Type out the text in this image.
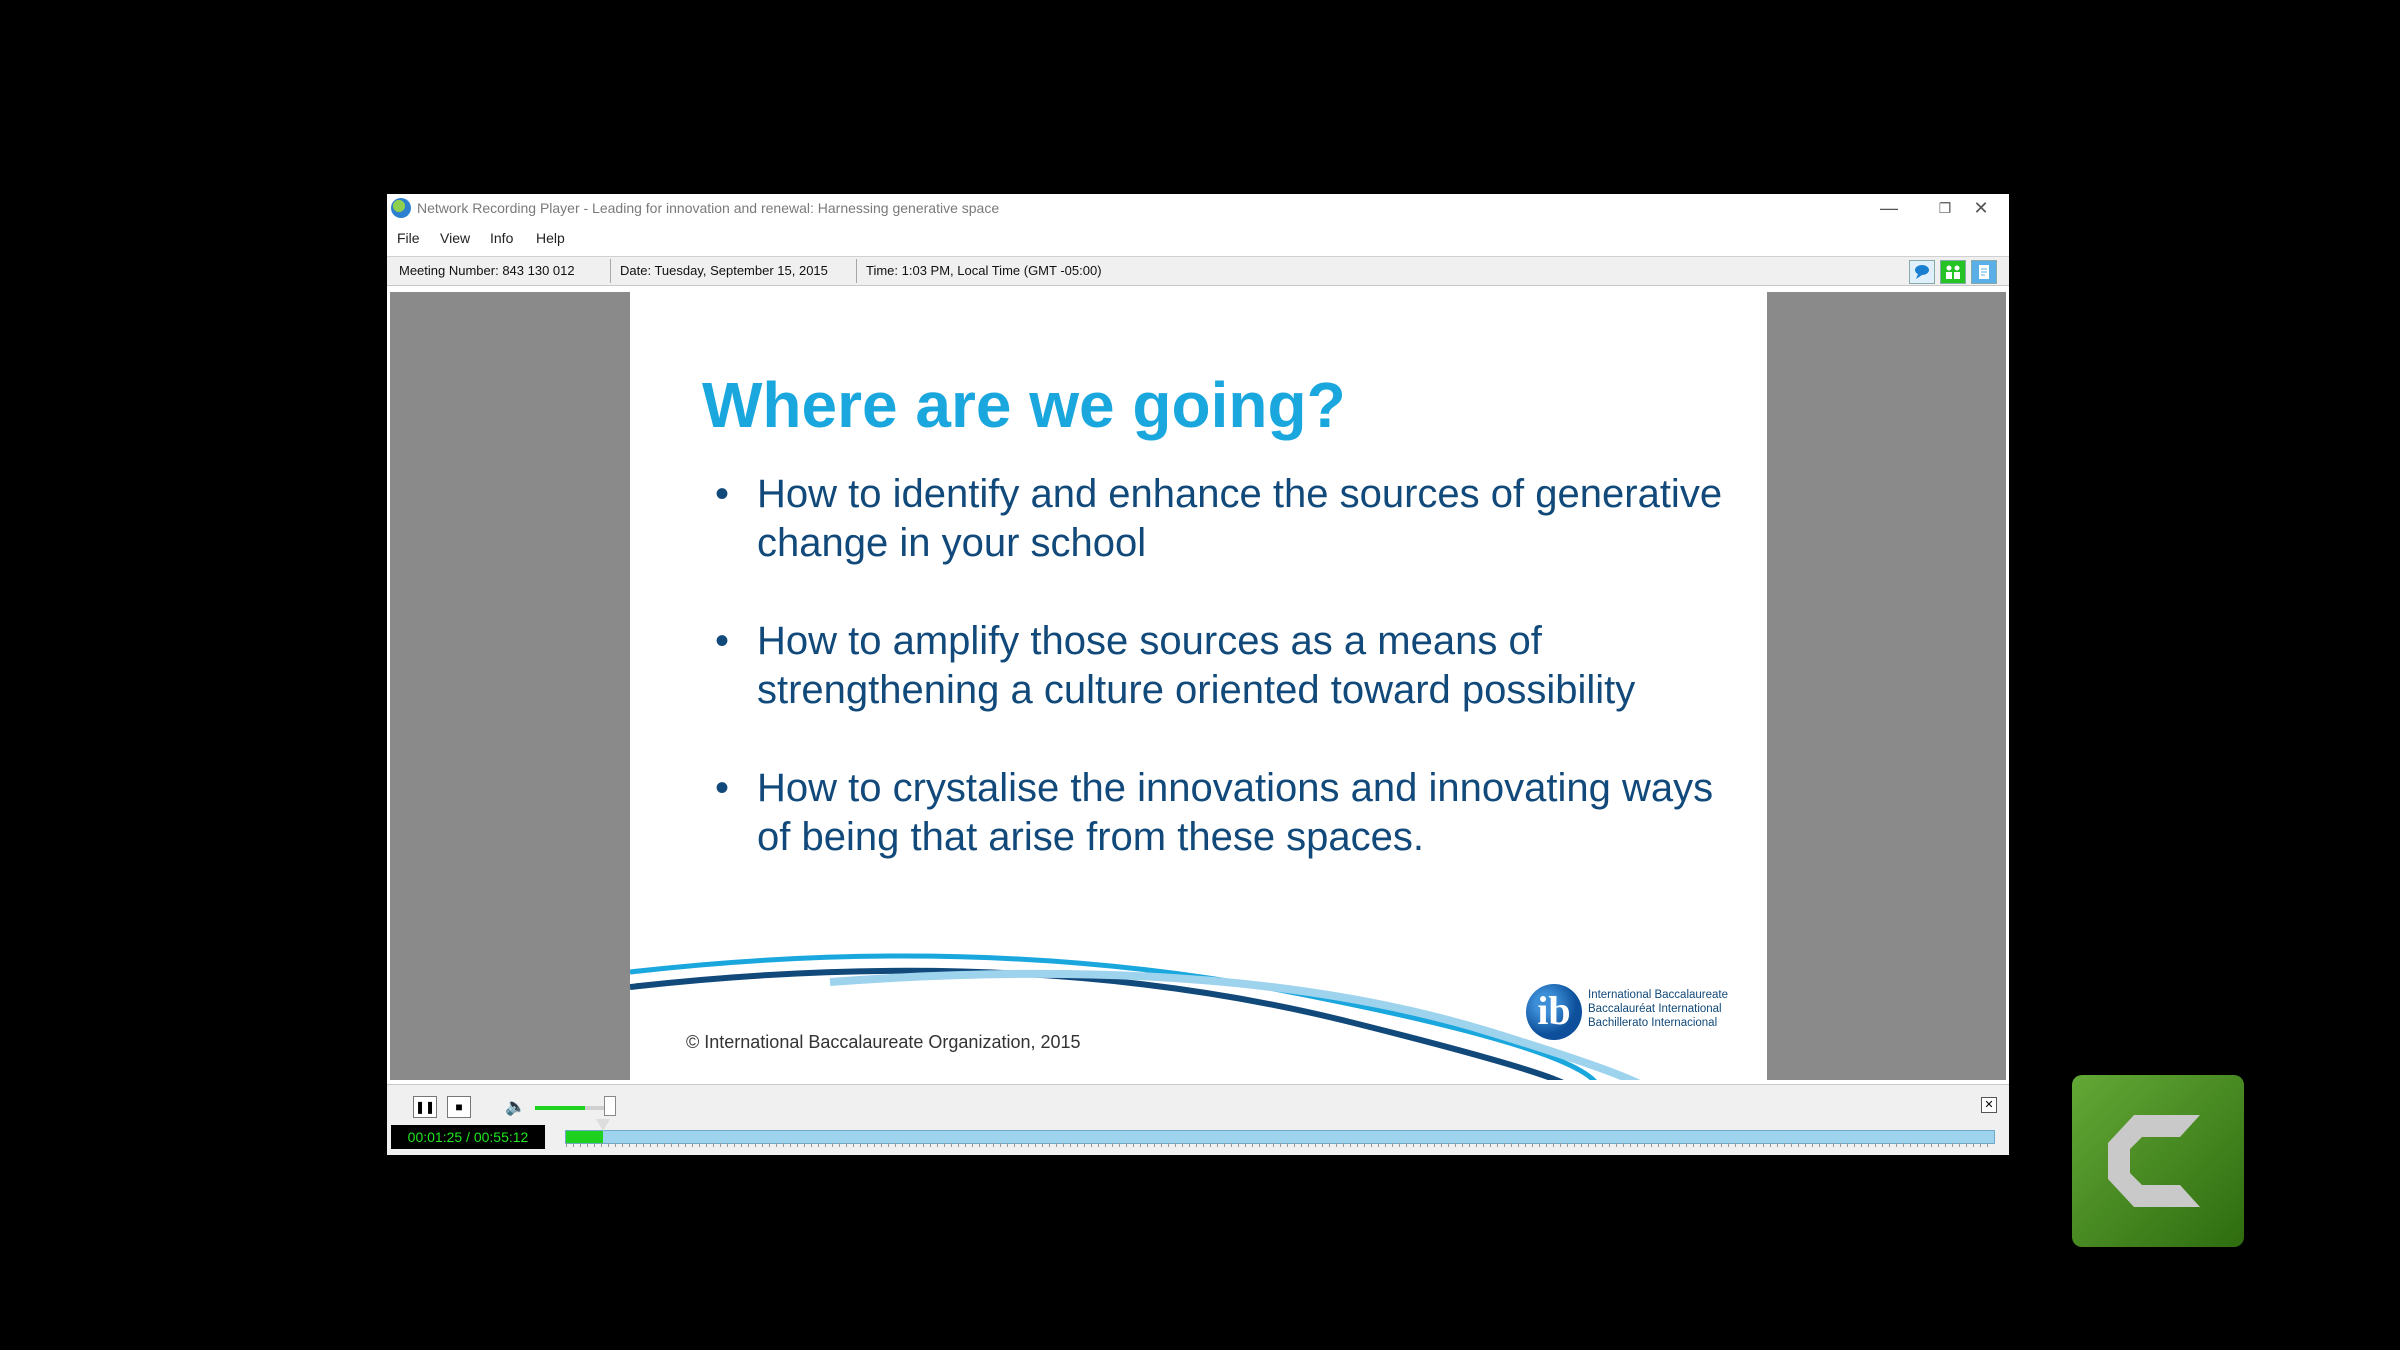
Network Recording Player - Leading for innovation and renewal: Harnessing generative space	—	❐	✕
File View Info Help
Meeting Number: 843 130 012	Date: Tuesday, September 15, 2015	Time: 1:03 PM, Local Time (GMT -05:00)
Where are we going?
• How to identify and enhance the sources of generative change in your school
• How to amplify those sources as a means of strengthening a culture oriented toward possibility
• How to crystalise the innovations and innovating ways of being that arise from these spaces.
© International Baccalaureate Organization, 2015
ib	International Baccalaureate
Baccalauréat International
Bachillerato Internacional
❚❚	■	🔈	✕
00:01:25 / 00:55:12
